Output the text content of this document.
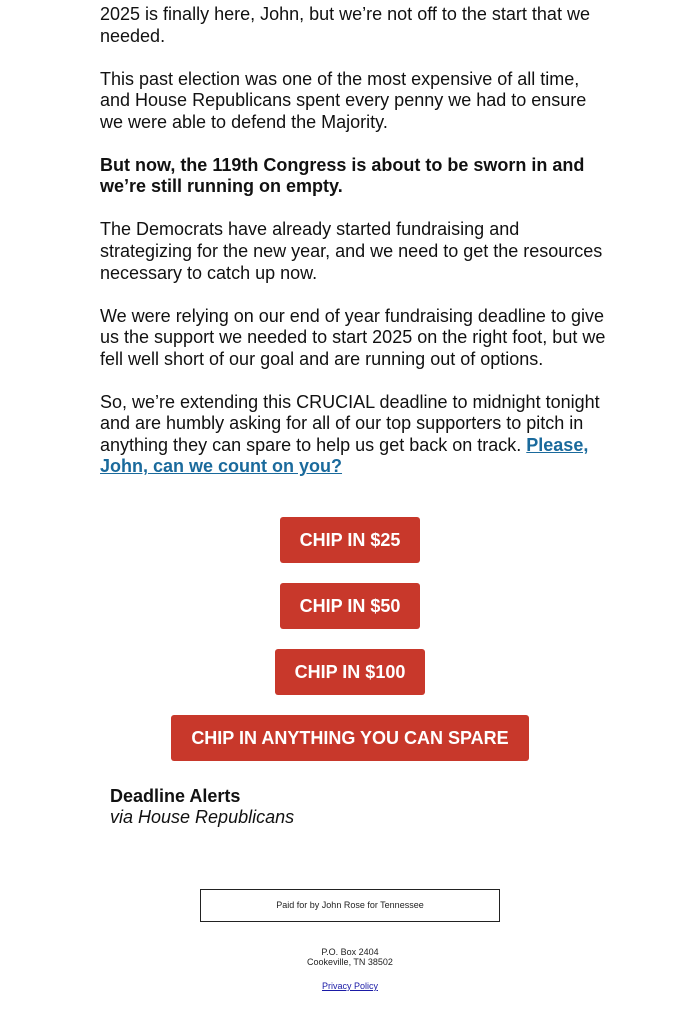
2025 is finally here, John, but we’re not off to the start that we needed.

This past election was one of the most expensive of all time, and House Republicans spent every penny we had to ensure we were able to defend the Majority.

But now, the 119th Congress is about to be sworn in and we’re still running on empty.

The Democrats have already started fundraising and strategizing for the new year, and we need to get the resources necessary to catch up now.

We were relying on our end of year fundraising deadline to give us the support we needed to start 2025 on the right foot, but we fell well short of our goal and are running out of options.

So, we’re extending this CRUCIAL deadline to midnight tonight and are humbly asking for all of our top supporters to pitch in anything they can spare to help us get back on track. Please, John, can we count on you?

CHIP IN $25
CHIP IN $50
CHIP IN $100
CHIP IN ANYTHING YOU CAN SPARE
Deadline Alerts
via House Republicans
Paid for by John Rose for Tennessee
P.O. Box 2404
Cookeville, TN 38502
Privacy Policy
